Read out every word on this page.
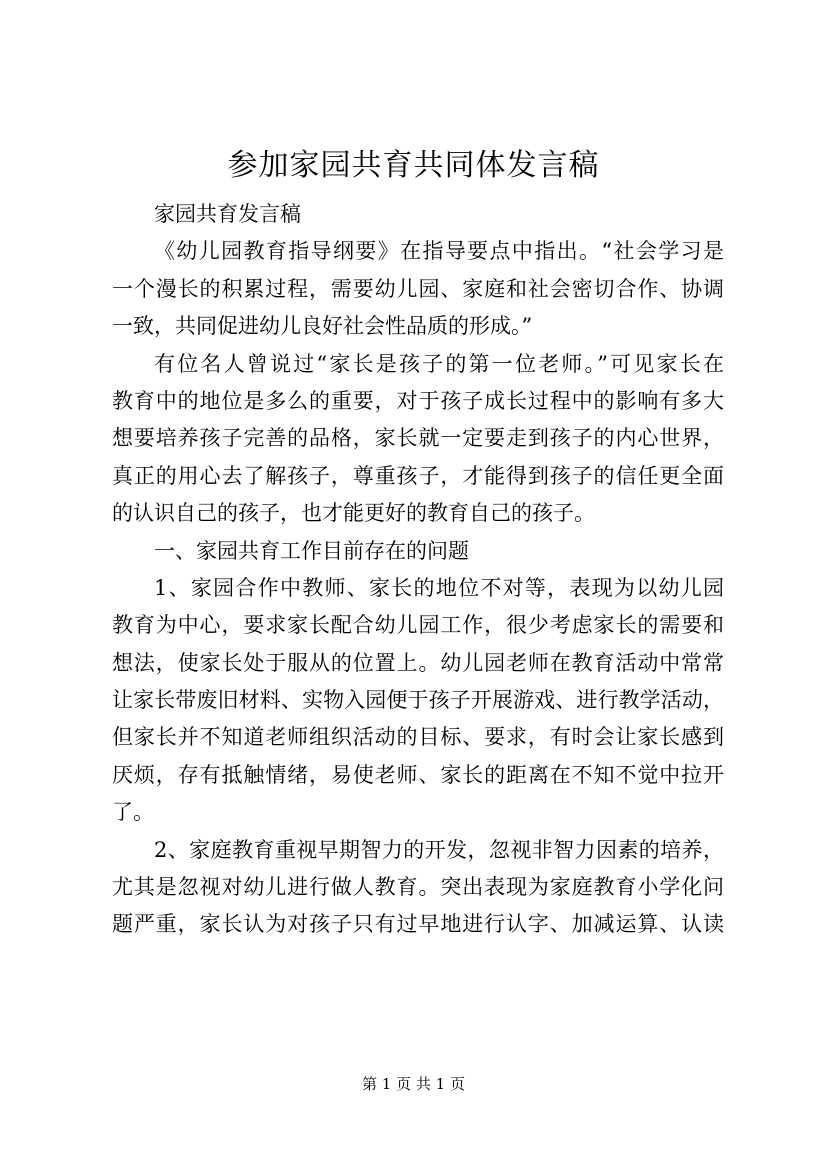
参加家园共育共同体发言稿
家园共育发言稿
《幼儿园教育指导纲要》在指导要点中指出。“社会学习是
一个漫长的积累过程，需要幼儿园、家庭和社会密切合作、协调
一致，共同促进幼儿良好社会性品质的形成。”
有位名人曾说过“家长是孩子的第一位老师。”可见家长在
教育中的地位是多么的重要，对于孩子成长过程中的影响有多大
想要培养孩子完善的品格，家长就一定要走到孩子的内心世界，
真正的用心去了解孩子，尊重孩子，才能得到孩子的信任更全面
的认识自己的孩子，也才能更好的教育自己的孩子。
一、家园共育工作目前存在的问题
1、家园合作中教师、家长的地位不对等，表现为以幼儿园
教育为中心，要求家长配合幼儿园工作，很少考虑家长的需要和
想法，使家长处于服从的位置上。幼儿园老师在教育活动中常常
让家长带废旧材料、实物入园便于孩子开展游戏、进行教学活动，
但家长并不知道老师组织活动的目标、要求，有时会让家长感到
厌烦，存有抵触情绪，易使老师、家长的距离在不知不觉中拉开
了。
2、家庭教育重视早期智力的开发，忽视非智力因素的培养，
尤其是忽视对幼儿进行做人教育。突出表现为家庭教育小学化问
题严重，家长认为对孩子只有过早地进行认字、加减运算、认读
第 1 页 共 1 页
